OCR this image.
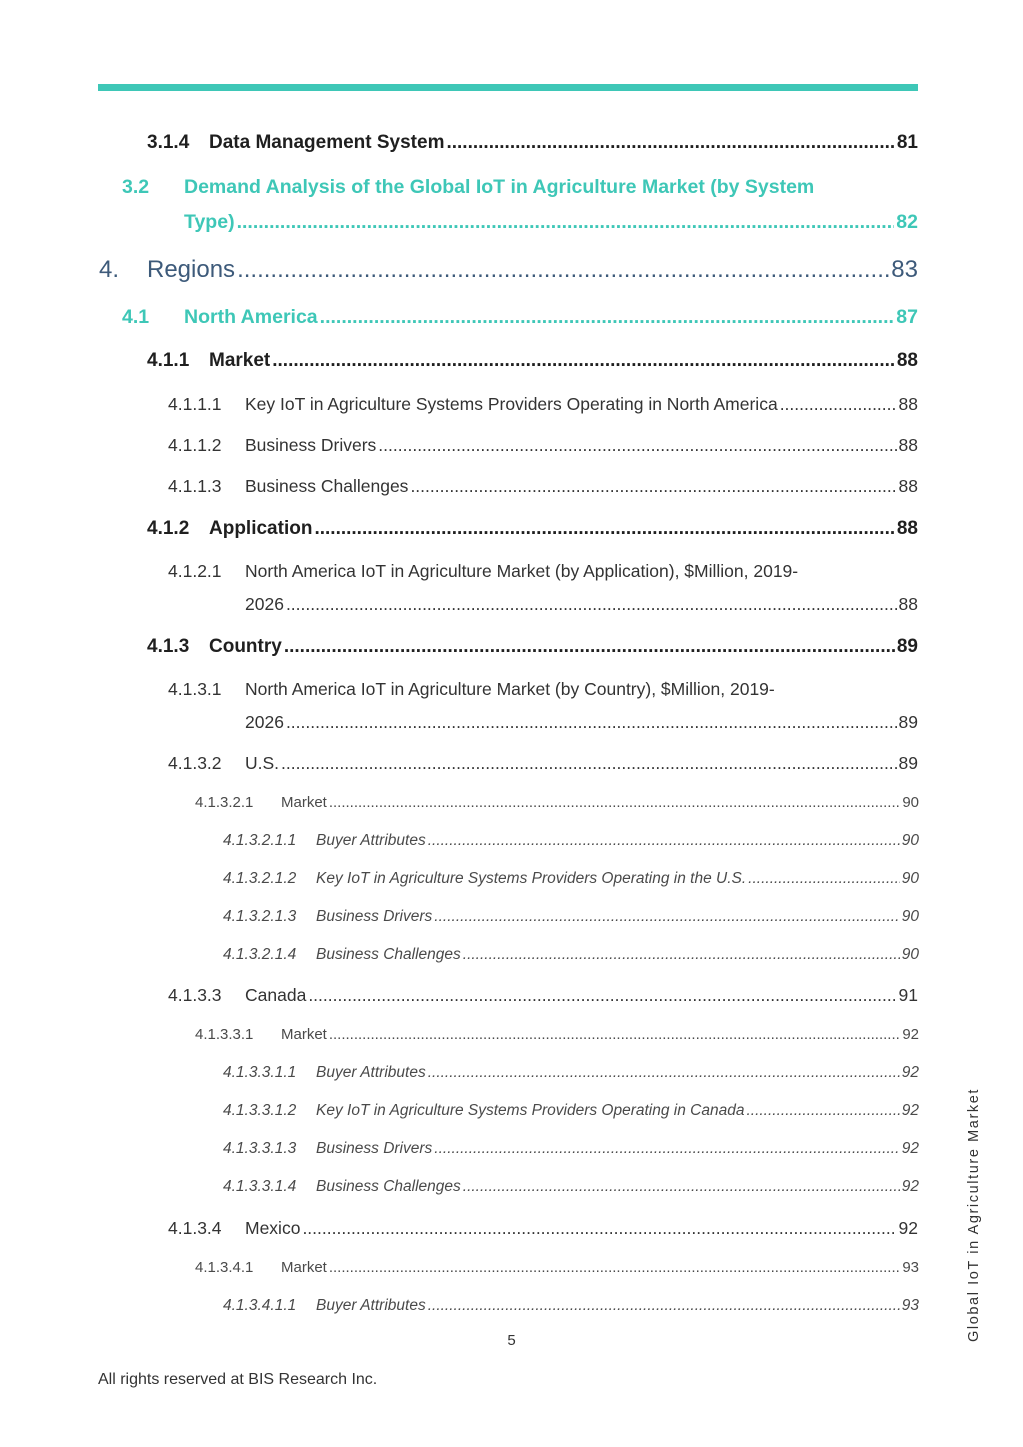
3.1.4	Data Management System .....	81
3.2	Demand Analysis of the Global IoT in Agriculture Market (by System
Type) .....	82
4.	Regions .....	83
4.1	North America .....	87
4.1.1	Market .....	88
4.1.1.1	Key IoT in Agriculture Systems Providers Operating in North America .....	88
4.1.1.2	Business Drivers .....	88
4.1.1.3	Business Challenges .....	88
4.1.2	Application .....	88
4.1.2.1	North America IoT in Agriculture Market (by Application), $Million, 2019-
2026 .....	88
4.1.3	Country .....	89
4.1.3.1	North America IoT in Agriculture Market (by Country), $Million, 2019-
2026 .....	89
4.1.3.2	U.S. .....	89
4.1.3.2.1	Market .....	90
4.1.3.2.1.1	Buyer Attributes .....	90
4.1.3.2.1.2	Key IoT in Agriculture Systems Providers Operating in the U.S. .....	90
4.1.3.2.1.3	Business Drivers .....	90
4.1.3.2.1.4	Business Challenges .....	90
4.1.3.3	Canada .....	91
4.1.3.3.1	Market .....	92
4.1.3.3.1.1	Buyer Attributes .....	92
4.1.3.3.1.2	Key IoT in Agriculture Systems Providers Operating in Canada .....	92
4.1.3.3.1.3	Business Drivers .....	92
4.1.3.3.1.4	Business Challenges .....	92
4.1.3.4	Mexico .....	92
4.1.3.4.1	Market .....	93
4.1.3.4.1.1	Buyer Attributes .....	93	Global IoT in Agriculture Market
5
All rights reserved at BIS Research Inc.
